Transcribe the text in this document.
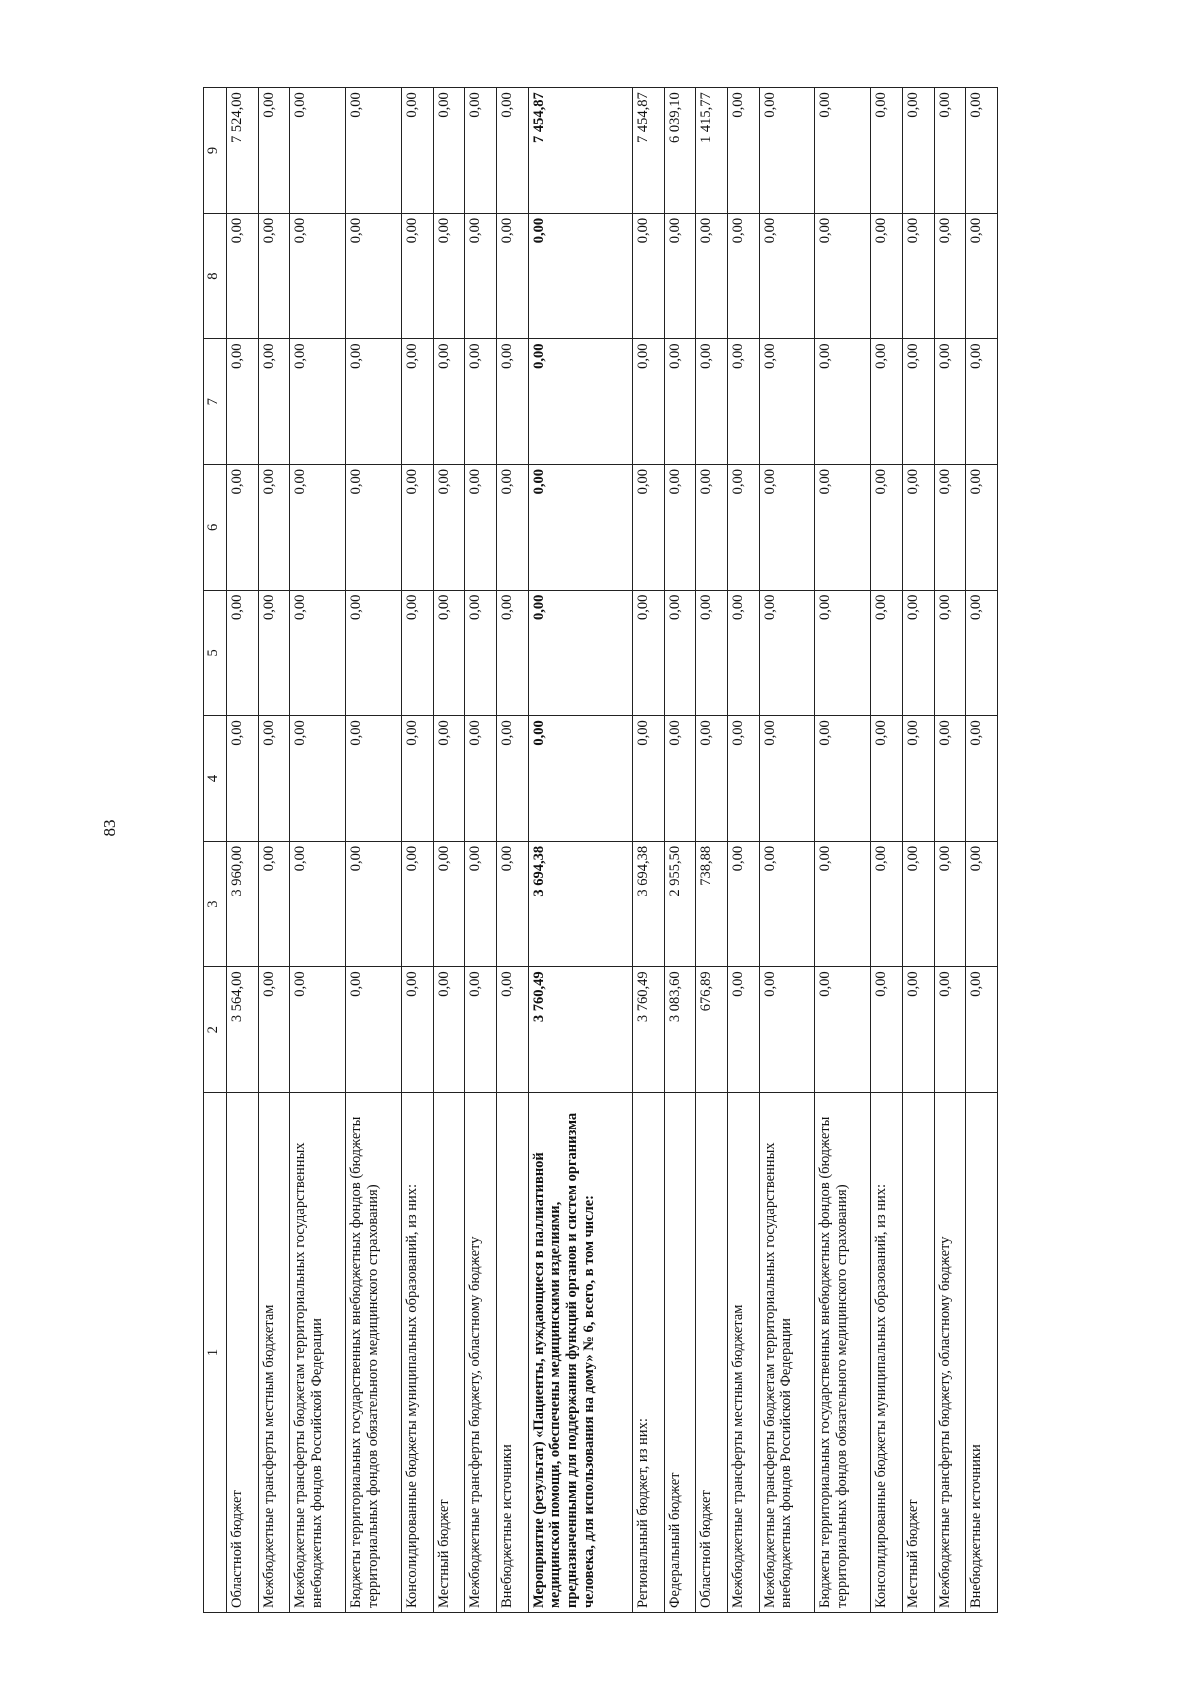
83
1	2	3	4	5	6	7	8	9
Областной бюджет	3 564,00	3 960,00	0,00	0,00	0,00	0,00	0,00	7 524,00
Межбюджетные трансферты местным бюджетам	0,00	0,00	0,00	0,00	0,00	0,00	0,00	0,00
Межбюджетные трансферты бюджетам территориальных государственных внебюджетных фондов Российской Федерации	0,00	0,00	0,00	0,00	0,00	0,00	0,00	0,00
Бюджеты территориальных государственных внебюджетных фондов (бюджеты территориальных фондов обязательного медицинского страхования)	0,00	0,00	0,00	0,00	0,00	0,00	0,00	0,00
Консолидированные бюджеты муниципальных образований, из них:	0,00	0,00	0,00	0,00	0,00	0,00	0,00	0,00
Местный бюджет	0,00	0,00	0,00	0,00	0,00	0,00	0,00	0,00
Межбюджетные трансферты бюджету, областному бюджету	0,00	0,00	0,00	0,00	0,00	0,00	0,00	0,00
Внебюджетные источники	0,00	0,00	0,00	0,00	0,00	0,00	0,00	0,00
Мероприятие (результат) «Пациенты, нуждающиеся в паллиативной медицинской помощи, обеспечены медицинскими изделиями, предназначенными для поддержания функций органов и систем организма человека, для использования на дому» № 6, всего, в том числе:	3 760,49	3 694,38	0,00	0,00	0,00	0,00	0,00	7 454,87
Региональный бюджет, из них:	3 760,49	3 694,38	0,00	0,00	0,00	0,00	0,00	7 454,87
Федеральный бюджет	3 083,60	2 955,50	0,00	0,00	0,00	0,00	0,00	6 039,10
Областной бюджет	676,89	738,88	0,00	0,00	0,00	0,00	0,00	1 415,77
Межбюджетные трансферты местным бюджетам	0,00	0,00	0,00	0,00	0,00	0,00	0,00	0,00
Межбюджетные трансферты бюджетам территориальных государственных внебюджетных фондов Российской Федерации	0,00	0,00	0,00	0,00	0,00	0,00	0,00	0,00
Бюджеты территориальных государственных внебюджетных фондов (бюджеты территориальных фондов обязательного медицинского страхования)	0,00	0,00	0,00	0,00	0,00	0,00	0,00	0,00
Консолидированные бюджеты муниципальных образований, из них:	0,00	0,00	0,00	0,00	0,00	0,00	0,00	0,00
Местный бюджет	0,00	0,00	0,00	0,00	0,00	0,00	0,00	0,00
Межбюджетные трансферты бюджету, областному бюджету	0,00	0,00	0,00	0,00	0,00	0,00	0,00	0,00
Внебюджетные источники	0,00	0,00	0,00	0,00	0,00	0,00	0,00	0,00
